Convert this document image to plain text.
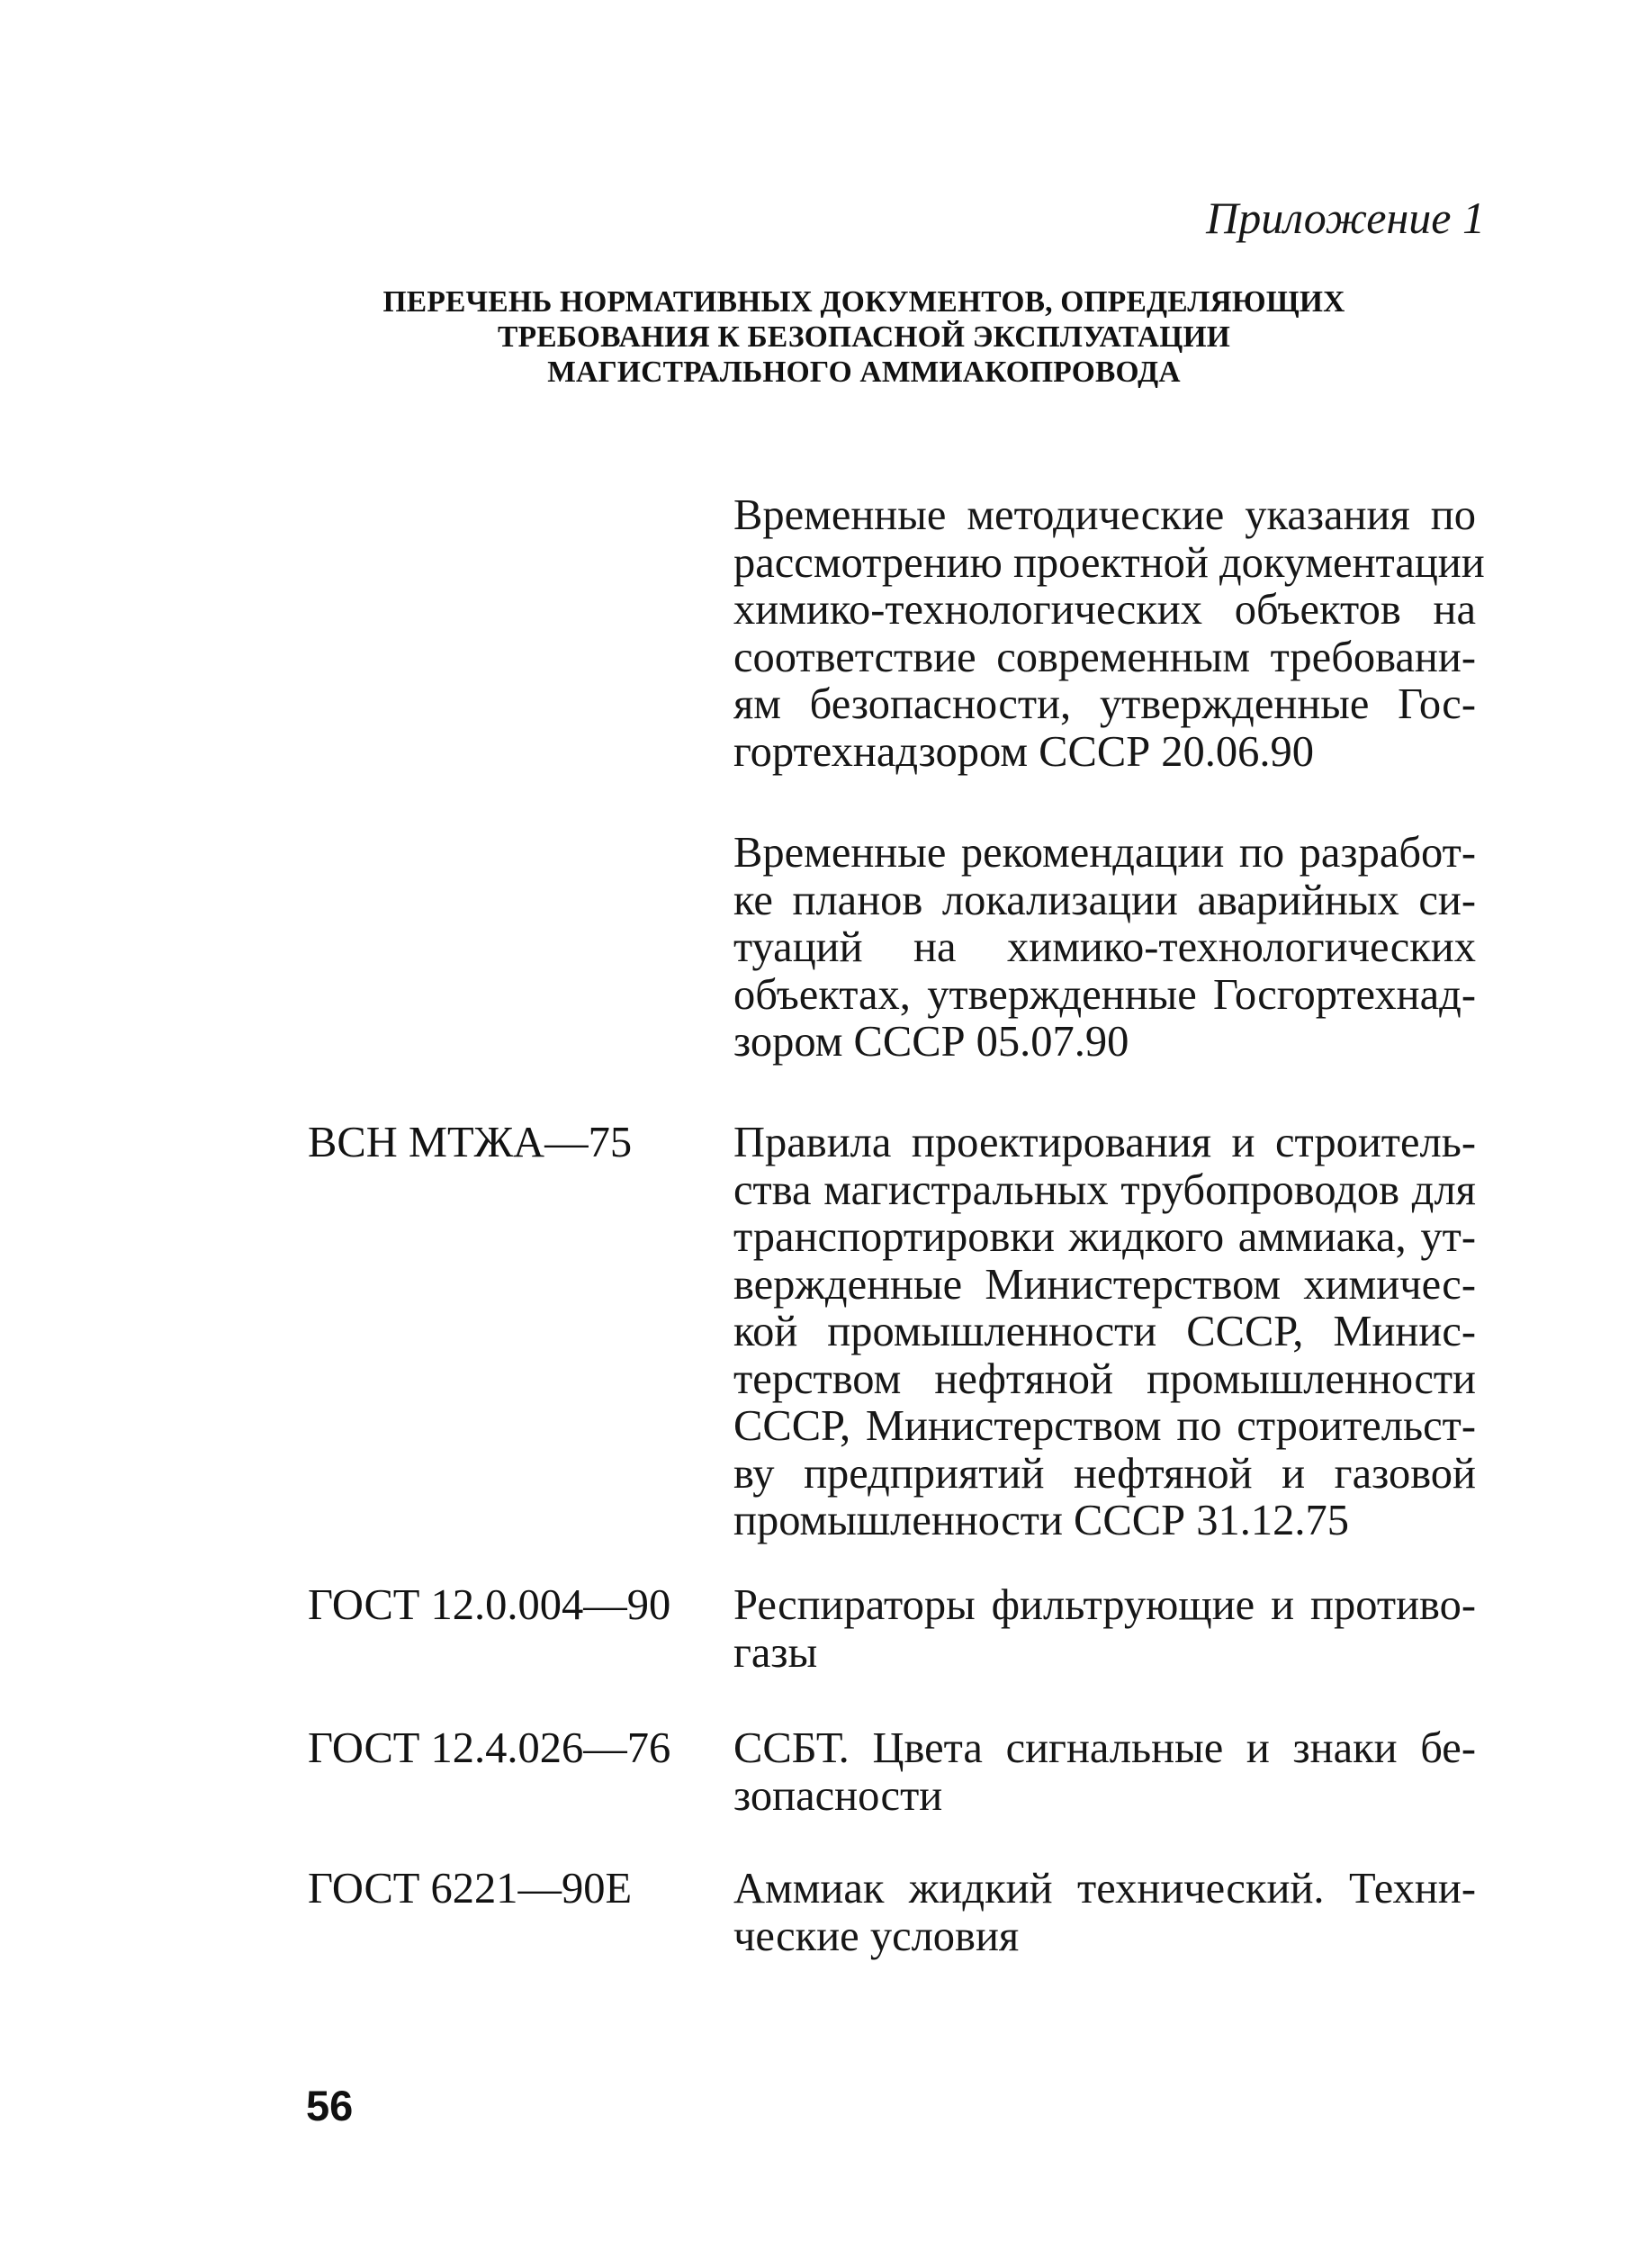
Приложение 1
ПЕРЕЧЕНЬ НОРМАТИВНЫХ ДОКУМЕНТОВ, ОПРЕДЕЛЯЮЩИХ
ТРЕБОВАНИЯ К БЕЗОПАСНОЙ ЭКСПЛУАТАЦИИ
МАГИСТРАЛЬНОГО АММИАКОПРОВОДА
Временные методические указания по
рассмотрению проектной документации
химико-технологических объектов на
соответствие современным требовани-
ям безопасности, утвержденные Гос-
гортехнадзором СССР 20.06.90
Временные рекомендации по разработ-
ке планов локализации аварийных си-
туаций на химико-технологических
объектах, утвержденные Госгортехнад-
зором СССР 05.07.90
ВСН МТЖА—75 Правила проектирования и строитель-
ства магистральных трубопроводов для
транспортировки жидкого аммиака, ут-
вержденные Министерством химичес-
кой промышленности СССР, Минис-
терством нефтяной промышленности
СССР, Министерством по строительст-
ву предприятий нефтяной и газовой
промышленности СССР 31.12.75
ГОСТ 12.0.004—90 Респираторы фильтрующие и противо-
газы
ГОСТ 12.4.026—76 ССБТ. Цвета сигнальные и знаки бе-
зопасности
ГОСТ 6221—90Е Аммиак жидкий технический. Техни-
ческие условия
56
